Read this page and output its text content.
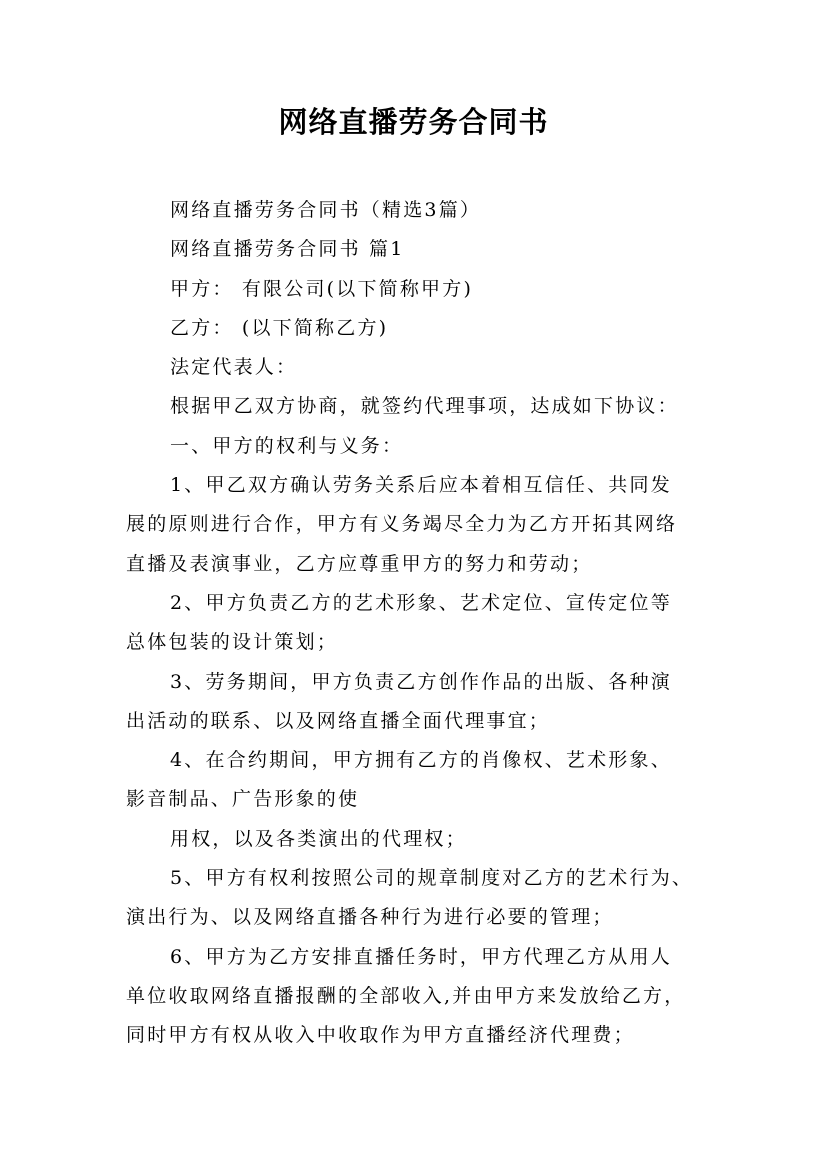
网络直播劳务合同书
网络直播劳务合同书（精选3篇）
网络直播劳务合同书 篇1
甲方： 有限公司(以下简称甲方)
乙方： (以下简称乙方)
法定代表人：
根据甲乙双方协商，就签约代理事项，达成如下协议：
一、甲方的权利与义务：
1、甲乙双方确认劳务关系后应本着相互信任、共同发
展的原则进行合作，甲方有义务竭尽全力为乙方开拓其网络
直播及表演事业，乙方应尊重甲方的努力和劳动；
2、甲方负责乙方的艺术形象、艺术定位、宣传定位等
总体包装的设计策划；
3、劳务期间，甲方负责乙方创作作品的出版、各种演
出活动的联系、以及网络直播全面代理事宜；
4、在合约期间，甲方拥有乙方的肖像权、艺术形象、
影音制品、广告形象的使
用权，以及各类演出的代理权；
5、甲方有权利按照公司的规章制度对乙方的艺术行为、
演出行为、以及网络直播各种行为进行必要的管理；
6、甲方为乙方安排直播任务时，甲方代理乙方从用人
单位收取网络直播报酬的全部收入,并由甲方来发放给乙方，
同时甲方有权从收入中收取作为甲方直播经济代理费；
